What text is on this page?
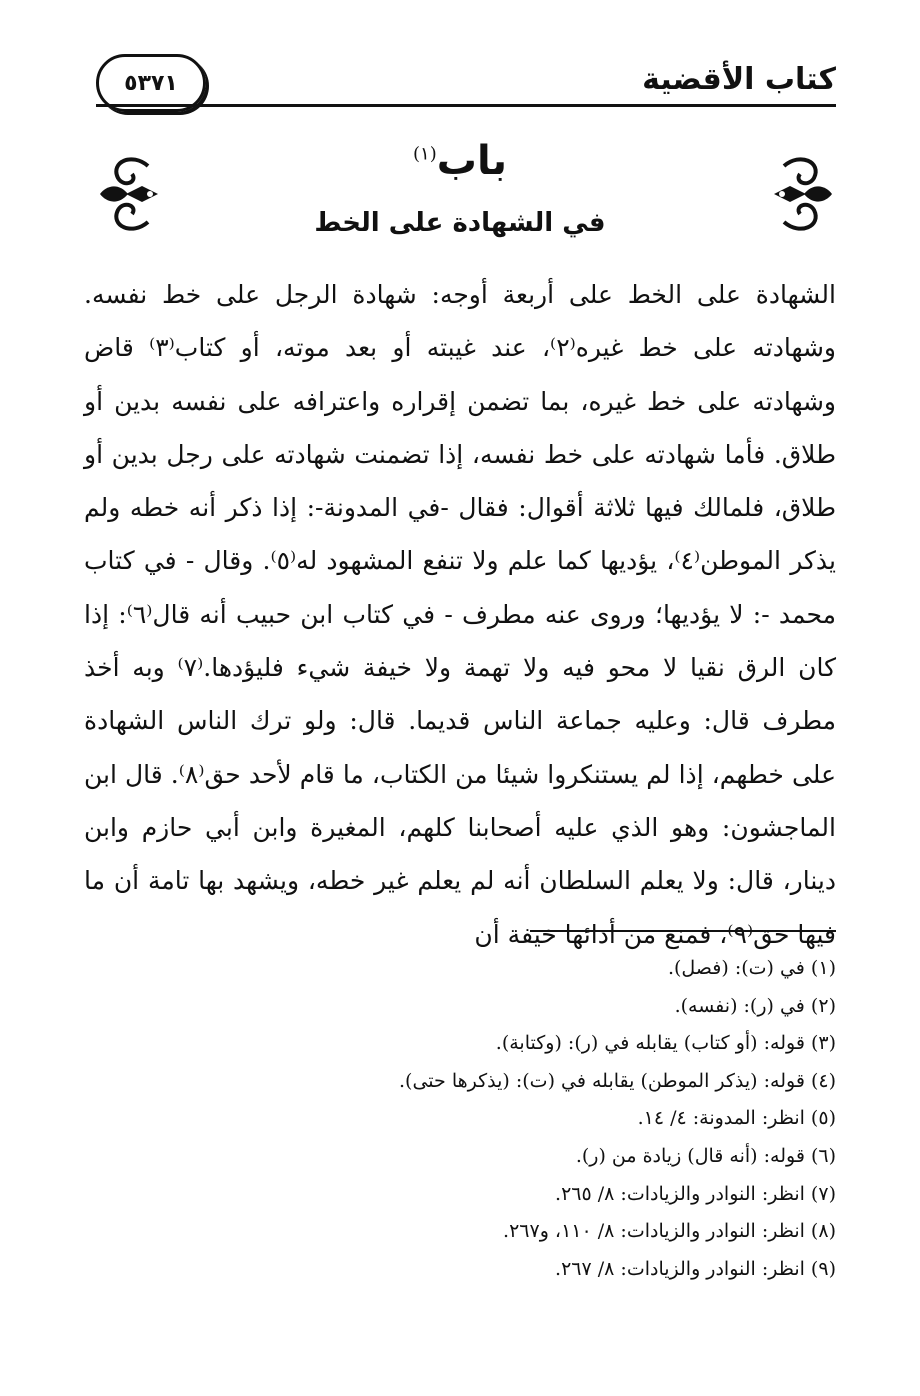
كتاب الأقضية
٥٣٧١
باب$^{(١)}$
في الشهادة على الخط
الشهادة على الخط على أربعة أوجه: شهادة الرجل على خط نفسه. وشهادته على خط غيره⁽٢⁾، عند غيبته أو بعد موته، أو كتاب⁽٣⁾ قاض وشهادته على خط غيره، بما تضمن إقراره واعترافه على نفسه بدين أو طلاق. فأما شهادته على خط نفسه، إذا تضمنت شهادته على رجل بدين أو طلاق، فلمالك فيها ثلاثة أقوال: فقال -في المدونة-: إذا ذكر أنه خطه ولم يذكر الموطن⁽٤⁾، يؤديها كما علم ولا تنفع المشهود له⁽٥⁾. وقال - في كتاب محمد -: لا يؤديها؛ وروى عنه مطرف - في كتاب ابن حبيب أنه قال⁽٦⁾: إذا كان الرق نقيا لا محو فيه ولا تهمة ولا خيفة شيء فليؤدها.⁽٧⁾ وبه أخذ مطرف قال: وعليه جماعة الناس قديما. قال: ولو ترك الناس الشهادة على خطهم، إذا لم يستنكروا شيئا من الكتاب، ما قام لأحد حق⁽٨⁾. قال ابن الماجشون: وهو الذي عليه أصحابنا كلهم، المغيرة وابن أبي حازم وابن دينار، قال: ولا يعلم السلطان أنه لم يعلم غير خطه، ويشهد بها تامة أن ما فيها حق⁽٩⁾، فمنع من أدائها خيفة أن
(١) في (ت): (فصل).
(٢) في (ر): (نفسه).
(٣) قوله: (أو كتاب) يقابله في (ر): (وكتابة).
(٤) قوله: (يذكر الموطن) يقابله في (ت): (يذكرها حتى).
(٥) انظر: المدونة: ٤/ ١٤.
(٦) قوله: (أنه قال) زيادة من (ر).
(٧) انظر: النوادر والزيادات: ٨/ ٢٦٥.
(٨) انظر: النوادر والزيادات: ٨/ ١١٠، و٢٦٧.
(٩) انظر: النوادر والزيادات: ٨/ ٢٦٧.
